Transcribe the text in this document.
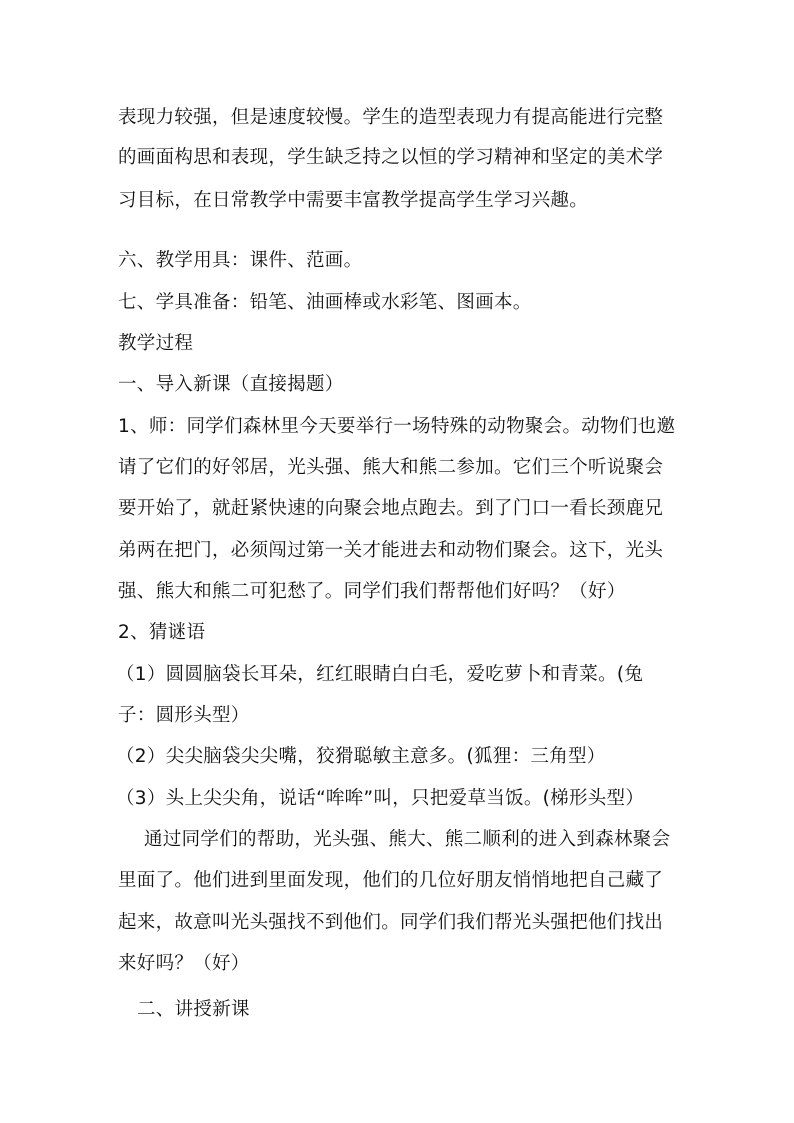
表现力较强，但是速度较慢。学生的造型表现力有提高能进行完整
的画面构思和表现，学生缺乏持之以恒的学习精神和坚定的美术学
习目标，在日常教学中需要丰富教学提高学生学习兴趣。
六、教学用具：课件、范画。
七、学具准备：铅笔、油画棒或水彩笔、图画本。
教学过程
一、导入新课（直接揭题）
1、师：同学们森林里今天要举行一场特殊的动物聚会。动物们也邀
请了它们的好邻居，光头强、熊大和熊二参加。它们三个听说聚会
要开始了，就赶紧快速的向聚会地点跑去。到了门口一看长颈鹿兄
弟两在把门，必须闯过第一关才能进去和动物们聚会。这下，光头
强、熊大和熊二可犯愁了。同学们我们帮帮他们好吗？（好）
2、猜谜语
（1）圆圆脑袋长耳朵，红红眼睛白白毛，爱吃萝卜和青菜。(兔
子：圆形头型）
（2）尖尖脑袋尖尖嘴，狡猾聪敏主意多。(狐狸：三角型）
（3）头上尖尖角，说话“哞哞”叫，只把爱草当饭。(梯形头型）
通过同学们的帮助，光头强、熊大、熊二顺利的进入到森林聚会
里面了。他们进到里面发现，他们的几位好朋友悄悄地把自己藏了
起来，故意叫光头强找不到他们。同学们我们帮光头强把他们找出
来好吗？（好）
二、讲授新课
